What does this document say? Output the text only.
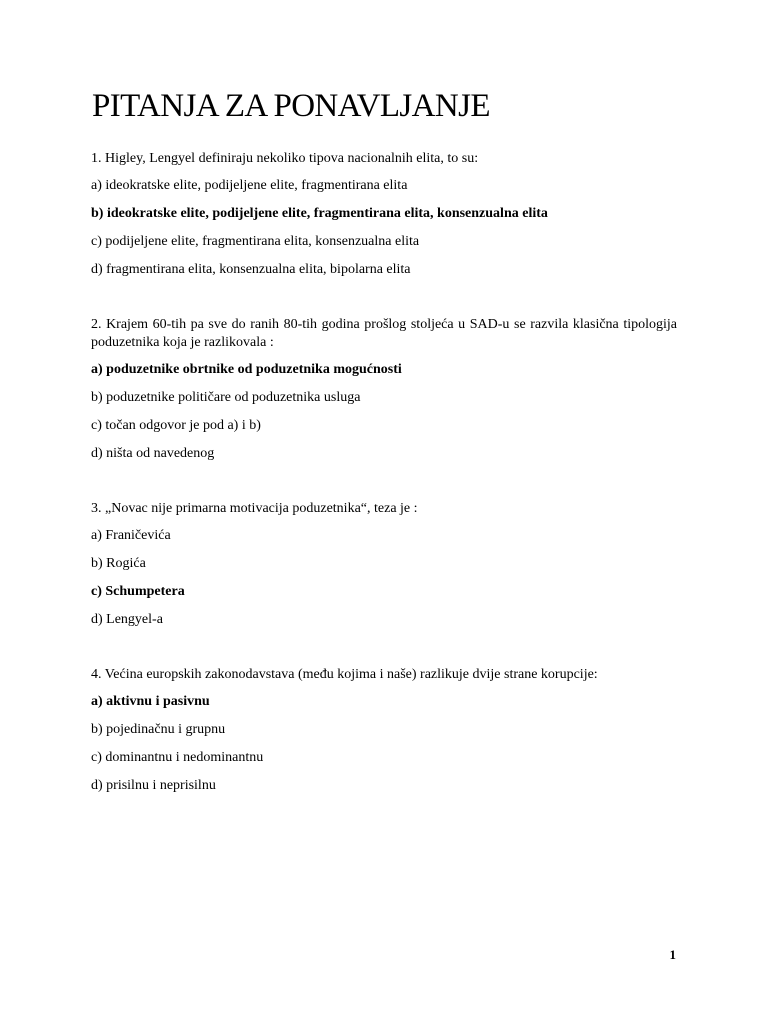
PITANJA ZA PONAVLJANJE

1. Higley, Lengyel definiraju nekoliko tipova nacionalnih elita, to su:

a) ideokratske elite, podijeljene elite, fragmentirana elita
b) ideokratske elite, podijeljene elite, fragmentirana elita, konsenzualna elita
c) podijeljene elite, fragmentirana elita, konsenzualna elita
d) fragmentirana elita, konsenzualna elita, bipolarna elita

2. Krajem 60-tih pa sve do ranih 80-tih godina prošlog stoljeća u SAD-u se razvila klasična tipologija poduzetnika koja je razlikovala :

a) poduzetnike obrtnike od poduzetnika mogućnosti
b) poduzetnike političare od poduzetnika usluga
c) točan odgovor je pod a) i b)
d) ništa od navedenog

3. „Novac nije primarna motivacija poduzetnika“, teza je :

a) Franičevića
b) Rogića
c) Schumpetera
d) Lengyel-a

4. Većina europskih zakonodavstava (među kojima i naše) razlikuje dvije strane korupcije:

a) aktivnu i pasivnu
b) pojedinačnu i grupnu
c) dominantnu i nedominantnu
d) prisilnu i neprisilnu
1
